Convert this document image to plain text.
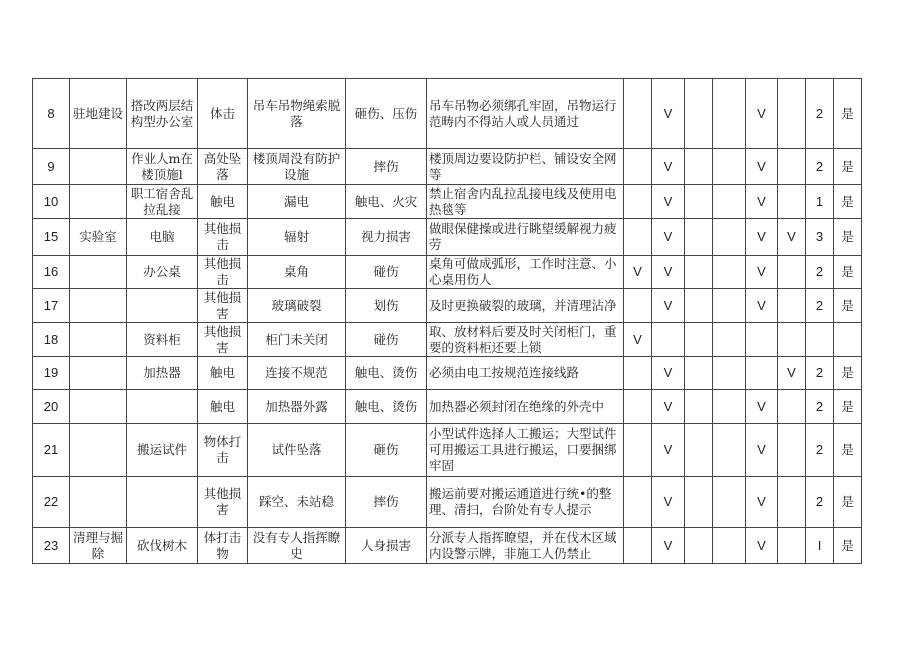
8	驻地建设	搭改两层结构型办公室	体击	吊车吊物绳索脱落	砸伤、压伤	吊车吊物必须绑孔牢固，吊物运行范畴内不得站人或人员通过		V			V		2	是
9		作业人m在楼顶施l	高处坠落	楼顶周没有防护设施	摔伤	楼顶周边要设防护栏、铺设安全网等		V			V		2	是
10		职工宿舍乱拉乱接	触电	漏电	触电、火灾	禁止宿舍内乱拉乱接电线及使用电热毯等		V			V		1	是
15	实验室	电脑	其他损击	辐射	视力损害	做眼保健操或进行眺望缓解视力疲劳		V			V	V	3	是
16		办公桌	其他损击	桌角	碰伤	桌角可做成弧形，工作时注意、小心桌用伤人	V	V			V		2	是
17			其他损害	玻璃破裂	划伤	及时更换破裂的玻璃，并清理沾净		V			V		2	是
18		资料柜	其他损害	柜门未关闭	碰伤	取、放材料后要及时关闭柜门，重要的资料柜还要上锁	V							
19		加热器	触电	连接不规范	触电、烫伤	必须由电工按规范连接线路		V				V	2	是
20			触电	加热器外露	触电、烫伤	加热器必须封闭在绝缘的外壳中		V			V		2	是
21		搬运试件	物体打击	试件坠落	砸伤	小型试件选择人工搬运；大型试件可用搬运工具进行搬运，口要捆绑牢固		V			V		2	是
22			其他损害	踩空、未站稳	摔伤	搬运前要对搬运通道进行统•的整理、清扫，台阶处有专人提示		V			V		2	是
23	清理与掘除	砍伐树木	体打击物	没有专人指挥瞭史	人身损害	分派专人指挥瞭望，并在伐木区域内设警示牌，非施工人仍禁止		V			V		I	是
